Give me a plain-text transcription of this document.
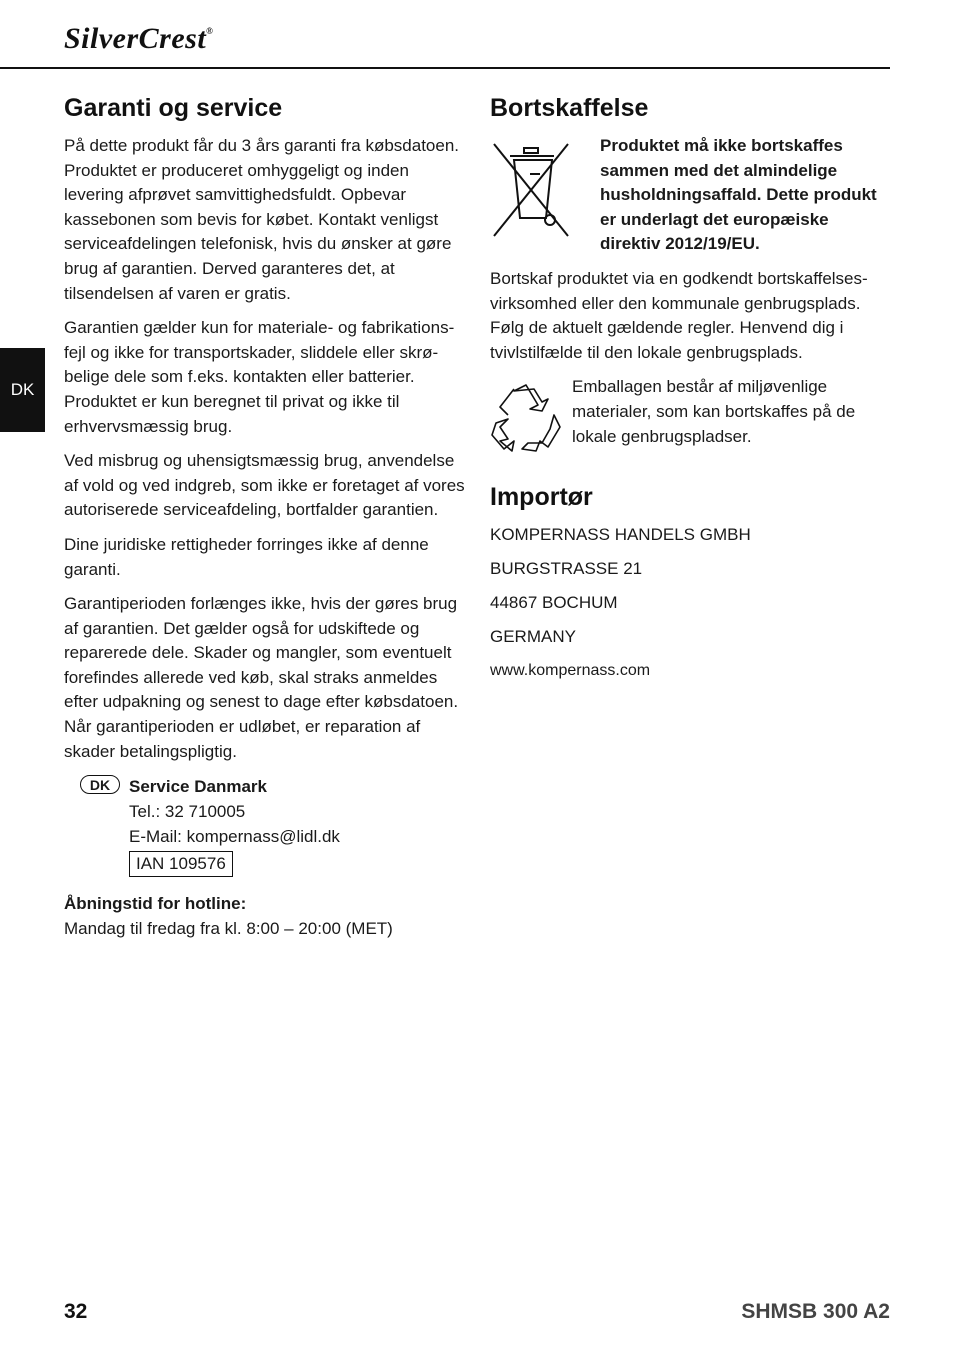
SilverCrest®
DK
Garanti og service

På dette produkt får du 3 års garanti fra købsdatoen. Produktet er produceret omhyggeligt og inden levering afprøvet samvittighedsfuldt. Opbevar kassebonen som bevis for købet. Kontakt venligst serviceafdelingen telefonisk, hvis du ønsker at gøre brug af garantien. Derved garanteres det, at tilsendelsen af varen er gratis.

Garantien gælder kun for materiale- og fabrikationsfejl og ikke for transportskader, sliddele eller skrøbelige dele som f.eks. kontakten eller batterier. Produktet er kun beregnet til privat og ikke til erhvervsmæssig brug.

Ved misbrug og uhensigtsmæssig brug, anvendelse af vold og ved indgreb, som ikke er foretaget af vores autoriserede serviceafdeling, bortfalder garantien.

Dine juridiske rettigheder forringes ikke af denne garanti.

Garantiperioden forlænges ikke, hvis der gøres brug af garantien. Det gælder også for udskiftede og reparerede dele. Skader og mangler, som eventuelt forefindes allerede ved køb, skal straks anmeldes efter udpakning og senest to dage efter købsdatoen. Når garantiperioden er udløbet, er reparation af skader betalingspligtig.

DK	Service Danmark
Tel.: 32 710005
E-Mail: kompernass@lidl.dk
IAN 109576
Åbningstid for hotline:
Mandag til fredag fra kl. 8:00 – 20:00 (MET)
Bortskaffelse
Produktet må ikke bortskaffes sammen med det almindelige husholdningsaffald. Dette produkt er underlagt det europæiske direktiv 2012/19/EU.

Bortskaf produktet via en godkendt bortskaffelsesvirksomhed eller den kommunale genbrugsplads. Følg de aktuelt gældende regler. Henvend dig i tvivlstilfælde til den lokale genbrugsplads.

Emballagen består af miljøvenlige materialer, som kan bortskaffes på de lokale genbrugspladser.
Importør

KOMPERNASS HANDELS GMBH

BURGSTRASSE 21

44867 BOCHUM

GERMANY

www.kompernass.com

32	SHMSB 300 A2
